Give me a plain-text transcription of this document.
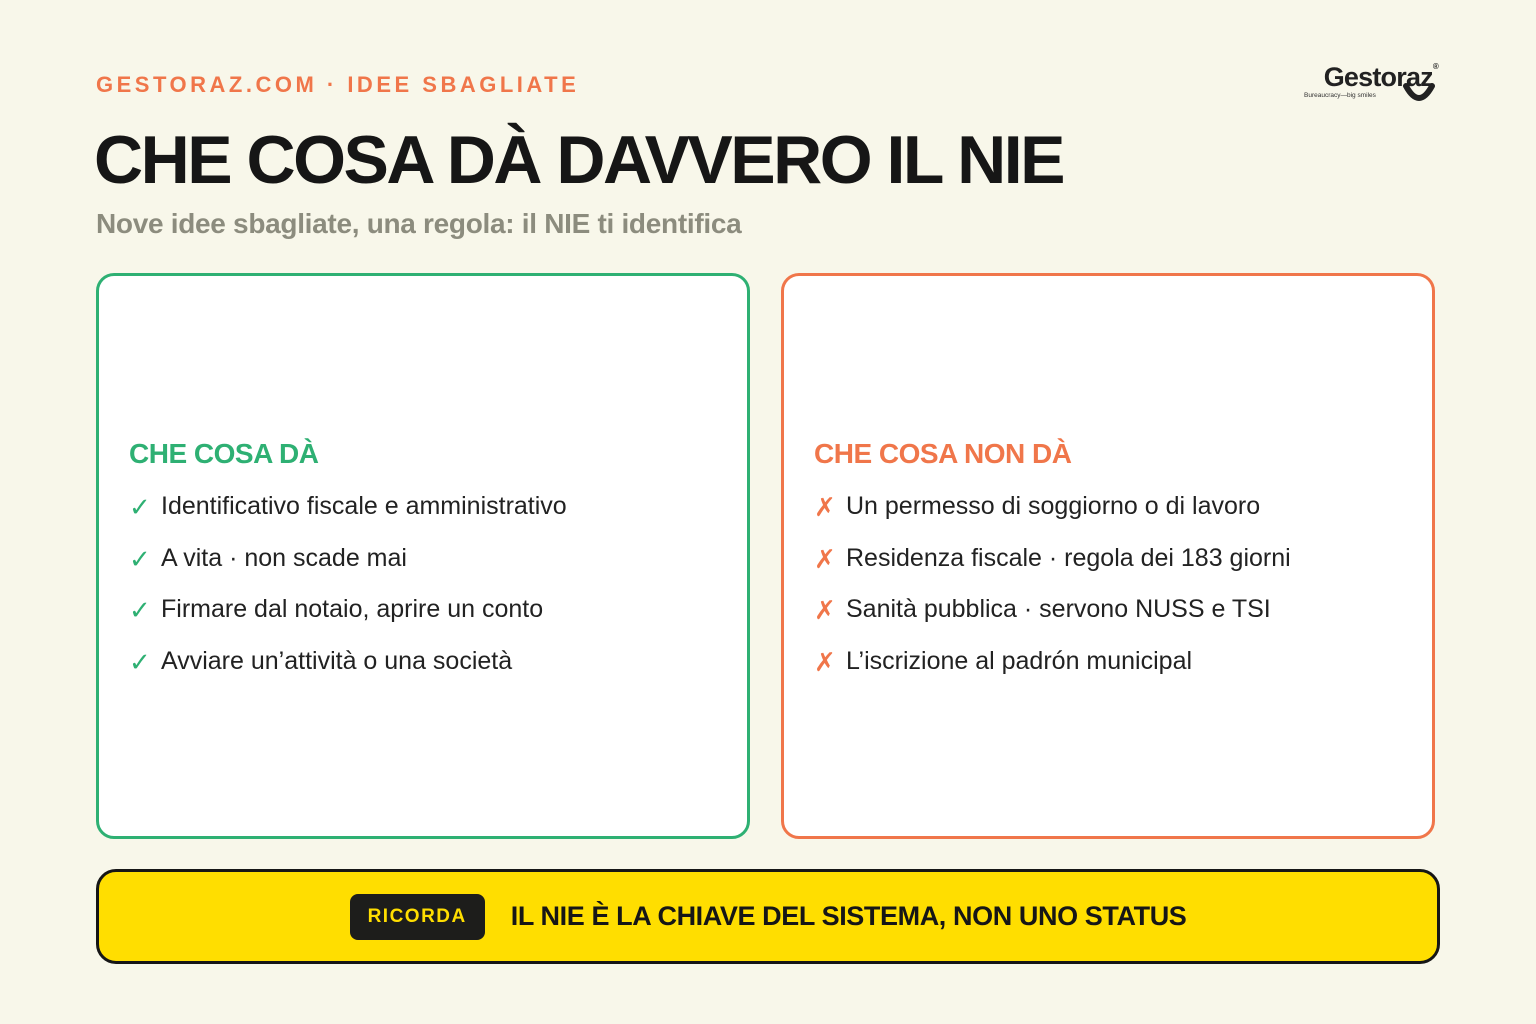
GESTORAZ.COM · IDEE SBAGLIATE
CHE COSA DÀ DAVVERO IL NIE
Nove idee sbagliate, una regola: il NIE ti identifica
Gestoraz®
Bureaucracy—big smiles
CHE COSA DÀ
✓ Identificativo fiscale e amministrativo
✓ A vita · non scade mai
✓ Firmare dal notaio, aprire un conto
✓ Avviare un’attività o una società
CHE COSA NON DÀ
✗ Un permesso di soggiorno o di lavoro
✗ Residenza fiscale · regola dei 183 giorni
✗ Sanità pubblica · servono NUSS e TSI
✗ L’iscrizione al padrón municipal
RICORDA	IL NIE È LA CHIAVE DEL SISTEMA, NON UNO STATUS
